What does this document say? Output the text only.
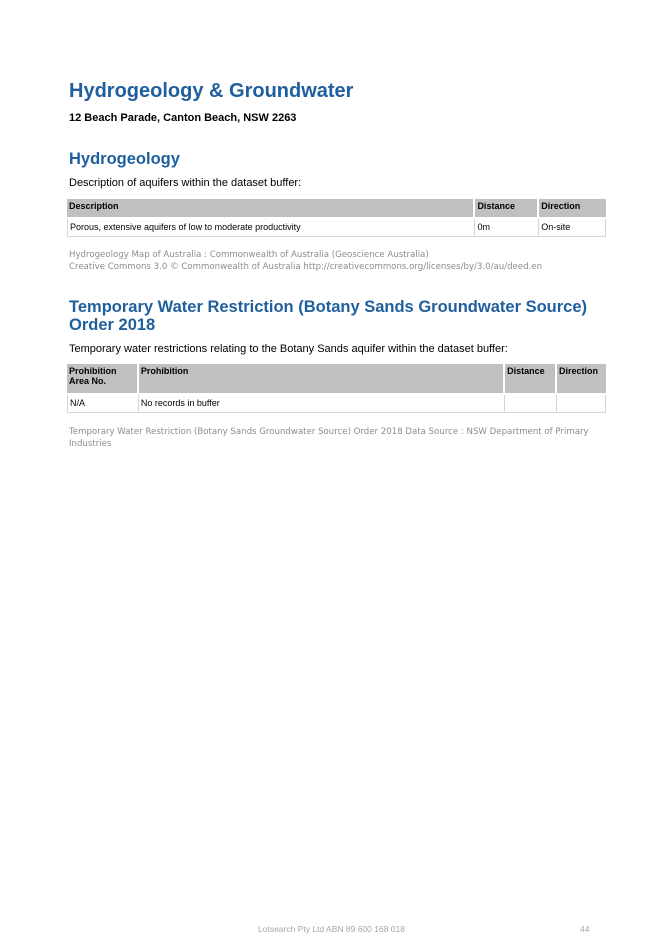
Hydrogeology & Groundwater

12 Beach Parade, Canton Beach, NSW 2263

Hydrogeology

Description of aquifers within the dataset buffer:

Description	Distance	Direction
Porous, extensive aquifers of low to moderate productivity	0m	On-site

Hydrogeology Map of Australia : Commonwealth of Australia (Geoscience Australia)
Creative Commons 3.0 © Commonwealth of Australia http://creativecommons.org/licenses/by/3.0/au/deed.en

Temporary Water Restriction (Botany Sands Groundwater Source)
Order 2018

Temporary water restrictions relating to the Botany Sands aquifer within the dataset buffer:

Prohibition Area No.	Prohibition	Distance	Direction
N/A	No records in buffer		

Temporary Water Restriction (Botany Sands Groundwater Source) Order 2018 Data Source : NSW Department of Primary
Industries

Lotsearch Pty Ltd ABN 89 600 168 018	44
